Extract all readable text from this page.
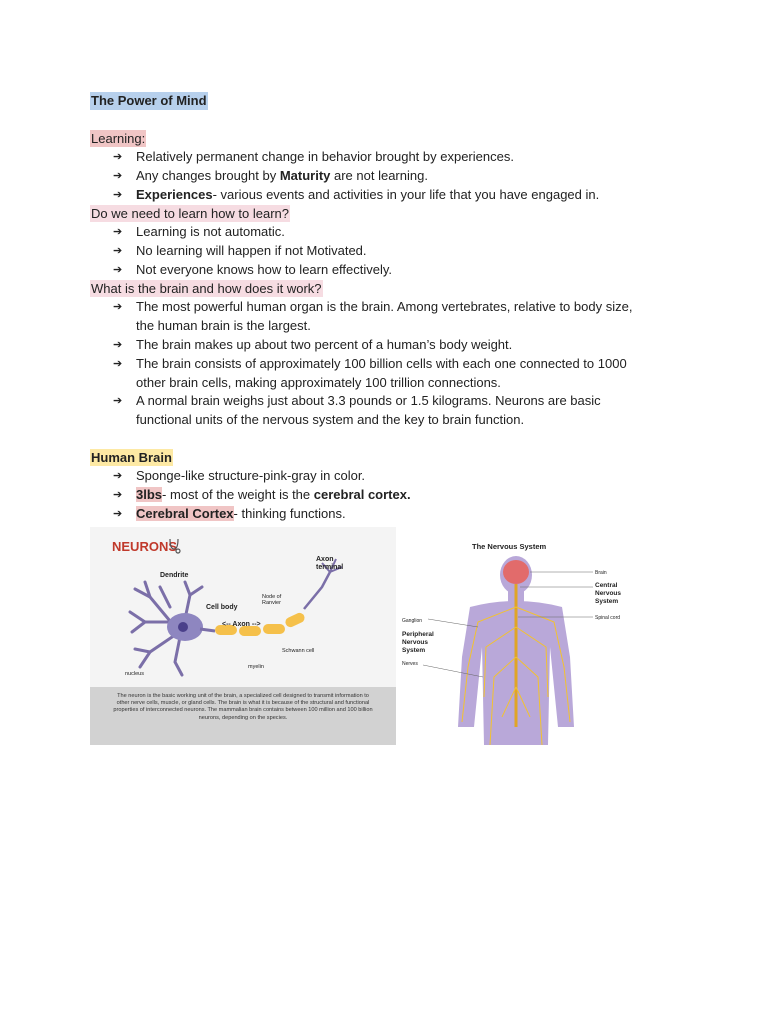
The Power of Mind
Learning:
➔ Relatively permanent change in behavior brought by experiences.
➔ Any changes brought by Maturity are not learning.
➔ Experiences- various events and activities in your life that you have engaged in.
Do we need to learn how to learn?
➔ Learning is not automatic.
➔ No learning will happen if not Motivated.
➔ Not everyone knows how to learn effectively.
What is the brain and how does it work?
➔ The most powerful human organ is the brain. Among vertebrates, relative to body size,
the human brain is the largest.
➔ The brain makes up about two percent of a human’s body weight.
➔ The brain consists of approximately 100 billion cells with each one connected to 1000
other brain cells, making approximately 100 trillion connections.
➔ A normal brain weighs just about 3.3 pounds or 1.5 kilograms. Neurons are basic
functional units of the nervous system and the key to brain function.
Human Brain
➔ Sponge-like structure-pink-gray in color.
➔ 3lbs- most of the weight is the cerebral cortex.
➔ Cerebral Cortex- thinking functions.
NEURONS
Dendrite
Cell body
<-- Axon -->
Axon
terminal
Node of
Ranvier
Schwann cell
myelin
nucleus
The neuron is the basic working unit of the brain, a specialized cell designed to transmit information to other nerve cells, muscle, or gland cells. The brain is what it is because of the structural and functional properties of interconnected neurons. The mammalian brain contains between 100 million and 100 billion neurons, depending on the species.
The Nervous System
Brain
Central
Nervous
System
Spinal cord
Ganglion
Peripheral
Nervous
System
Nerves
